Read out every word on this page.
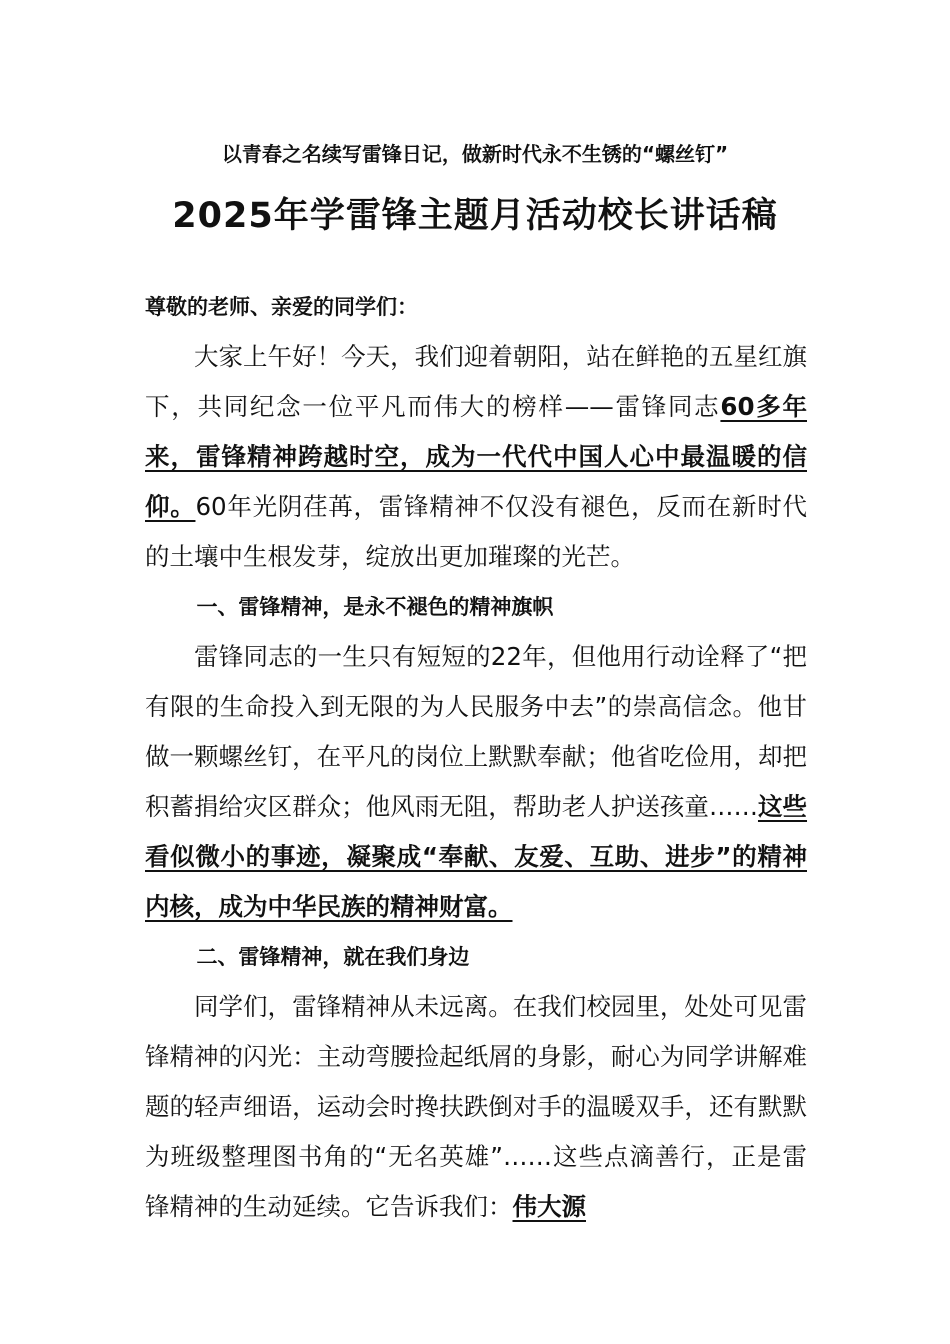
以青春之名续写雷锋日记，做新时代永不生锈的“螺丝钉”
2025年学雷锋主题月活动校长讲话稿

尊敬的老师、亲爱的同学们：

大家上午好！今天，我们迎着朝阳，站在鲜艳的五星红旗下，共同纪念一位平凡而伟大的榜样——雷锋同志60多年来，雷锋精神跨越时空，成为一代代中国人心中最温暖的信仰。60年光阴荏苒，雷锋精神不仅没有褪色，反而在新时代的土壤中生根发芽，绽放出更加璀璨的光芒。

一、雷锋精神，是永不褪色的精神旗帜

雷锋同志的一生只有短短的22年，但他用行动诠释了“把有限的生命投入到无限的为人民服务中去”的崇高信念。他甘做一颗螺丝钉，在平凡的岗位上默默奉献；他省吃俭用，却把积蓄捐给灾区群众；他风雨无阻，帮助老人护送孩童……这些看似微小的事迹，凝聚成“奉献、友爱、互助、进步”的精神内核，成为中华民族的精神财富。

二、雷锋精神，就在我们身边

同学们，雷锋精神从未远离。在我们校园里，处处可见雷锋精神的闪光：主动弯腰捡起纸屑的身影，耐心为同学讲解难题的轻声细语，运动会时搀扶跌倒对手的温暖双手，还有默默为班级整理图书角的“无名英雄”……这些点滴善行，正是雷锋精神的生动延续。它告诉我们：伟大源
